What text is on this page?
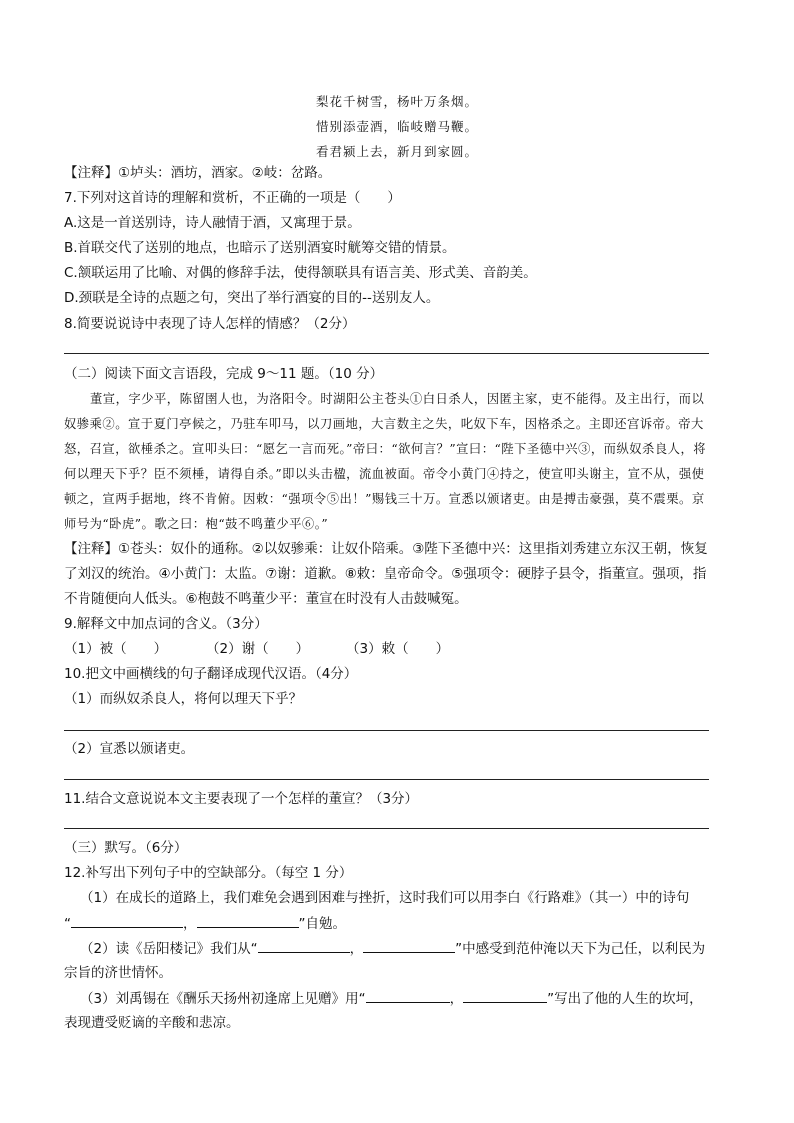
梨花千树雪，杨叶万条烟。
惜别添壶酒，临岐赠马鞭。
看君颍上去，新月到家圆。
【注释】①垆头：酒坊，酒家。②岐：岔路。
7.下列对这首诗的理解和赏析，不正确的一项是（　　）
A.这是一首送别诗，诗人融情于酒，又寓理于景。
B.首联交代了送别的地点，也暗示了送别酒宴时觥筹交错的情景。
C.颔联运用了比喻、对偶的修辞手法，使得颔联具有语言美、形式美、音韵美。
D.颈联是全诗的点题之句，突出了举行酒宴的目的--送别友人。
8.简要说说诗中表现了诗人怎样的情感？（2分）
（二）阅读下面文言语段，完成 9～11 题。（10 分）
董宣，字少平，陈留圉人也，为洛阳令。时湖阳公主苍头①白日杀人，因匿主家，吏不能得。及主出行，而以奴骖乘②。宣于夏门亭候之，乃驻车叩马，以刀画地，大言数主之失，叱奴下车，因格杀之。主即还宫诉帝。帝大怒，召宣，欲棰杀之。宣叩头曰：“愿乞一言而死。”帝曰：“欲何言？”宣曰：“陛下圣德中兴③，而纵奴杀良人，将何以理天下乎？臣不须棰，请得自杀。”即以头击楹，流血被面。帝令小黄门④持之，使宣叩头谢主，宣不从，强使顿之，宣两手据地，终不肯俯。因敕：“强项令⑤出！”赐钱三十万。宣悉以颁诸吏。由是搏击豪强，莫不震栗。京师号为“卧虎”。歌之曰：枹“鼓不鸣董少平⑥。”
【注释】①苍头：奴仆的通称。②以奴骖乘：让奴仆陪乘。③陛下圣德中兴：这里指刘秀建立东汉王朝，恢复了刘汉的统治。④小黄门：太监。⑦谢：道歉。⑧敕：皇帝命令。⑤强项令：硬脖子县令，指董宣。强项，指不肯随便向人低头。⑥枹鼓不鸣董少平：董宣在时没有人击鼓喊冤。
9.解释文中加点词的含义。（3分）
（1）被（　　）	（2）谢（　　）	（3）敕（　　）
10.把文中画横线的句子翻译成现代汉语。（4分）
（1）而纵奴杀良人，将何以理天下乎？
（2）宣悉以颁诸吏。
11.结合文意说说本文主要表现了一个怎样的董宣？（3分）
（三）默写。（6分）
12.补写出下列句子中的空缺部分。（每空 1 分）
（1）在成长的道路上，我们难免会遇到困难与挫折，这时我们可以用李白《行路难》（其一）中的诗句
“	，	”自勉。
（2）读《岳阳楼记》我们从“	，	”中感受到范仲淹以天下为己任，以利民为
宗旨的济世情怀。
（3）刘禹锡在《酬乐天扬州初逢席上见赠》用“	，	”写出了他的人生的坎坷，
表现遭受贬谪的辛酸和悲凉。
